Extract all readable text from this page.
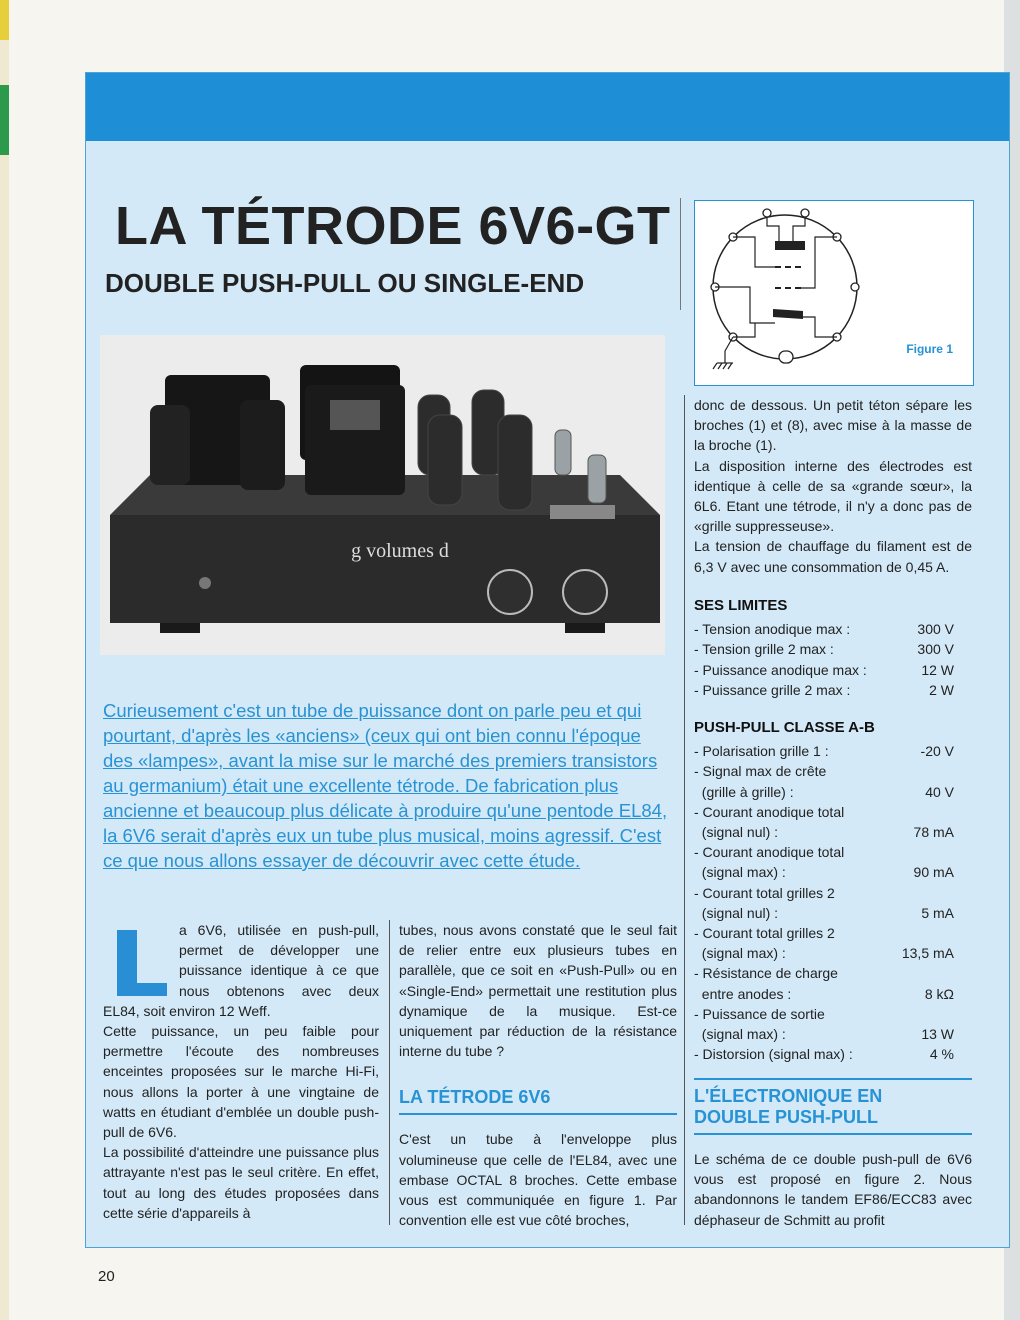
LA TÉTRODE 6V6-GT
DOUBLE PUSH-PULL OU SINGLE-END
Figure 1
g volumes d

Curieusement c'est un tube de puissance dont on parle peu et qui pourtant, d'après les «anciens» (ceux qui ont bien connu l'époque des «lampes», avant la mise sur le marché des premiers transistors au germanium) était une excellente tétrode. De fabrication plus ancienne et beaucoup plus délicate à produire qu'une pentode EL84, la 6V6 serait d'après eux un tube plus musical, moins agressif. C'est ce que nous allons essayer de découvrir avec cette étude.

a 6V6, utilisée en push-pull, permet de développer une puissance identique à ce que nous obtenons avec deux EL84, soit environ 12 Weff.

Cette puissance, un peu faible pour permettre l'écoute des nombreuses enceintes proposées sur le marche Hi-Fi, nous allons la porter à une vingtaine de watts en étudiant d'emblée un double push-pull de 6V6.

La possibilité d'atteindre une puissance plus attrayante n'est pas le seul critère. En effet, tout au long des études proposées dans cette série d'appareils à

tubes, nous avons constaté que le seul fait de relier entre eux plusieurs tubes en parallèle, que ce soit en «Push-Pull» ou en «Single-End» permettait une restitution plus dynamique de la musique. Est-ce uniquement par réduction de la résistance interne du tube ?

LA TÉTRODE 6V6

C'est un tube à l'enveloppe plus volumineuse que celle de l'EL84, avec une embase OCTAL 8 broches. Cette embase vous est communiquée en figure 1. Par convention elle est vue côté broches,

donc de dessous. Un petit téton sépare les broches (1) et (8), avec mise à la masse de la broche (1).

La disposition interne des électrodes est identique à celle de sa «grande sœur», la 6L6. Etant une tétrode, il n'y a donc pas de «grille suppresseuse».

La tension de chauffage du filament est de 6,3 V avec une consommation de 0,45 A.

SES LIMITES
- Tension anodique max :	300 V
- Tension grille 2 max :	300 V
- Puissance anodique max :	12 W
- Puissance grille 2 max :	2 W
PUSH-PULL CLASSE A-B
- Polarisation grille 1 :	-20 V
- Signal max de crête
(grille à grille) :	40 V
- Courant anodique total
(signal nul) :	78 mA
- Courant anodique total
(signal max) :	90 mA
- Courant total grilles 2
(signal nul) :	5 mA
- Courant total grilles 2
(signal max) :	13,5 mA
- Résistance de charge
entre anodes :	8 kΩ
- Puissance de sortie
(signal max) :	13 W
- Distorsion (signal max) :	4 %
L'ÉLECTRONIQUE EN
DOUBLE PUSH-PULL

Le schéma de ce double push-pull de 6V6 vous est proposé en figure 2. Nous abandonnons le tandem EF86/ECC83 avec déphaseur de Schmitt au profit

20
